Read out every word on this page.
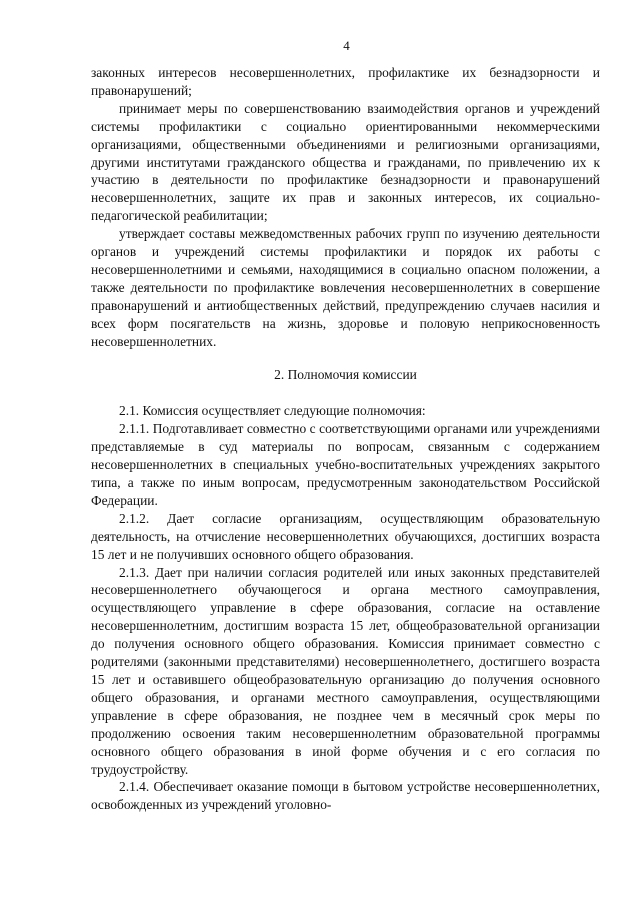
4

законных интересов несовершеннолетних, профилактике их безнадзорности и правонарушений;

принимает меры по совершенствованию взаимодействия органов и учреждений системы профилактики с социально ориентированными некоммерческими организациями, общественными объединениями и религиозными организациями, другими институтами гражданского общества и гражданами, по привлечению их к участию в деятельности по профилактике безнадзорности и правонарушений несовершеннолетних, защите их прав и законных интересов, их социально-педагогической реабилитации;

утверждает составы межведомственных рабочих групп по изучению деятельности органов и учреждений системы профилактики и порядок их работы с несовершеннолетними и семьями, находящимися в социально опасном положении, а также деятельности по профилактике вовлечения несовершеннолетних в совершение правонарушений и антиобщественных действий, предупреждению случаев насилия и всех форм посягательств на жизнь, здоровье и половую неприкосновенность несовершеннолетних.

2. Полномочия комиссии

2.1. Комиссия осуществляет следующие полномочия:

2.1.1. Подготавливает совместно с соответствующими органами или учреждениями представляемые в суд материалы по вопросам, связанным с содержанием несовершеннолетних в специальных учебно-воспитательных учреждениях закрытого типа, а также по иным вопросам, предусмотренным законодательством Российской Федерации.

2.1.2. Дает согласие организациям, осуществляющим образовательную деятельность, на отчисление несовершеннолетних обучающихся, достигших возраста 15 лет и не получивших основного общего образования.

2.1.3. Дает при наличии согласия родителей или иных законных представителей несовершеннолетнего обучающегося и органа местного самоуправления, осуществляющего управление в сфере образования, согласие на оставление несовершеннолетним, достигшим возраста 15 лет, общеобразовательной организации до получения основного общего образования. Комиссия принимает совместно с родителями (законными представителями) несовершеннолетнего, достигшего возраста 15 лет и оставившего общеобразовательную организацию до получения основного общего образования, и органами местного самоуправления, осуществляющими управление в сфере образования, не позднее чем в месячный срок меры по продолжению освоения таким несовершеннолетним образовательной программы основного общего образования в иной форме обучения и с его согласия по трудоустройству.

2.1.4. Обеспечивает оказание помощи в бытовом устройстве несовершеннолетних, освобожденных из учреждений уголовно-
